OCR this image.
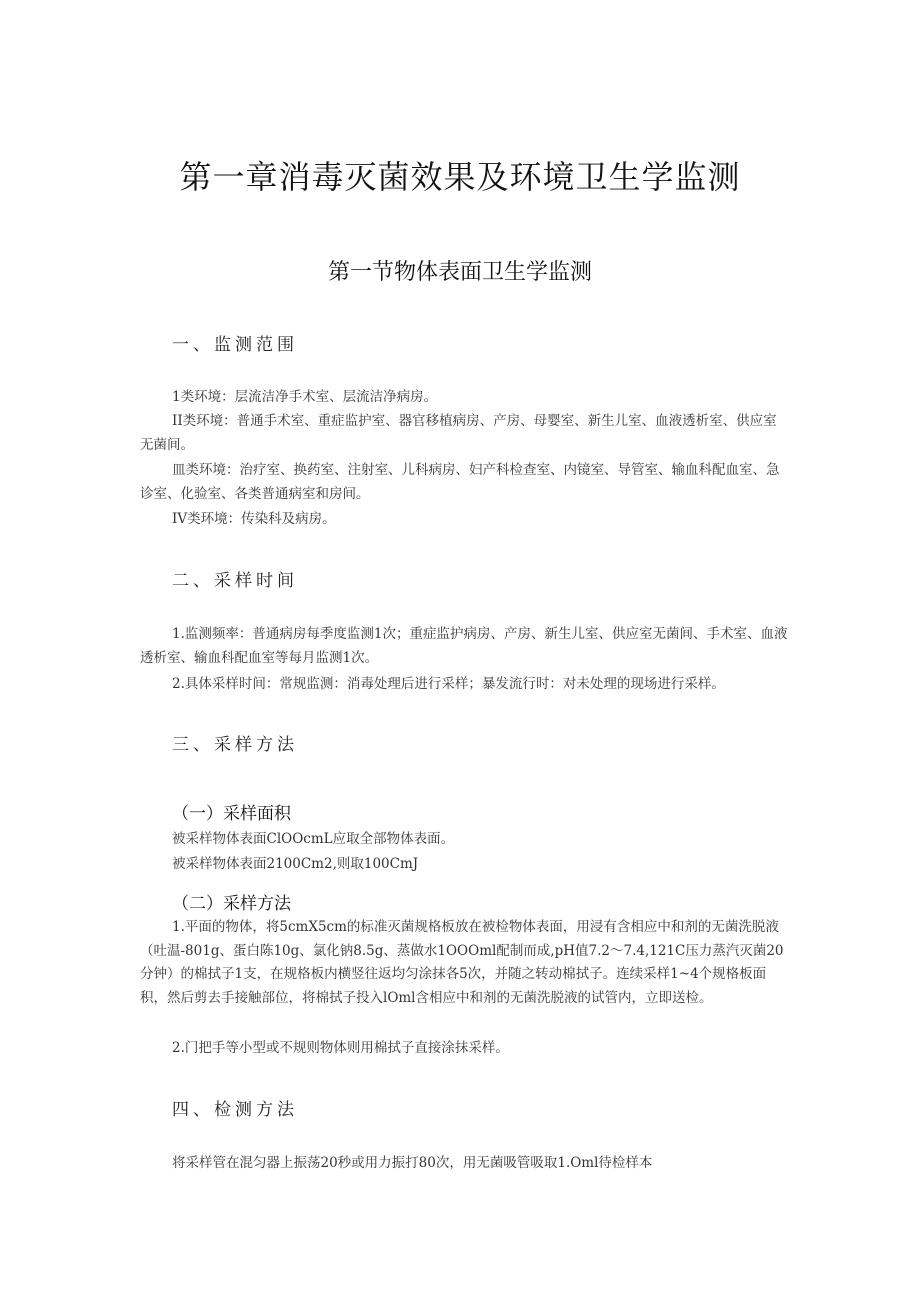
第一章消毒灭菌效果及环境卫生学监测
第一节物体表面卫生学监测
一、监测范围

1类环境：层流洁净手术室、层流洁净病房。

II类环境：普通手术室、重症监护室、器官移植病房、产房、母婴室、新生儿室、血液透析室、供应室无菌间。

皿类环境：治疗室、换药室、注射室、儿科病房、妇产科检查室、内镜室、导管室、输血科配血室、急诊室、化验室、各类普通病室和房间。

IV类环境：传染科及病房。

二、采样时间

1.监测频率：普通病房每季度监测1次；重症监护病房、产房、新生儿室、供应室无菌间、手术室、血液透析室、输血科配血室等每月监测1次。

2.具体采样时间：常规监测：消毒处理后进行采样；暴发流行时：对未处理的现场进行采样。

三、采样方法
（一）采样面积

被采样物体表面ClOOcmL应取全部物体表面。

被采样物体表面2100Cm2,则取100CmJ

（二）采样方法

1.平面的物体，将5cmX5cm的标准灭菌规格板放在被检物体表面，用浸有含相应中和剂的无菌洗脱液（吐温-801g、蛋白陈10g、氯化钠8.5g、蒸做水1OOOml配制而成,pH值7.2〜7.4,121C压力蒸汽灭菌20分钟）的棉拭子1支，在规格板内横竖往返均匀涂抹各5次，并随之转动棉拭子。连续采样1~4个规格板面积，然后剪去手接触部位，将棉拭子投入lOml含相应中和剂的无菌洗脱液的试管内，立即送检。

2.门把手等小型或不规则物体则用棉拭子直接涂抹采样。

四、检测方法

将采样管在混匀器上振荡20秒或用力振打80次，用无菌吸管吸取1.Oml待检样本
